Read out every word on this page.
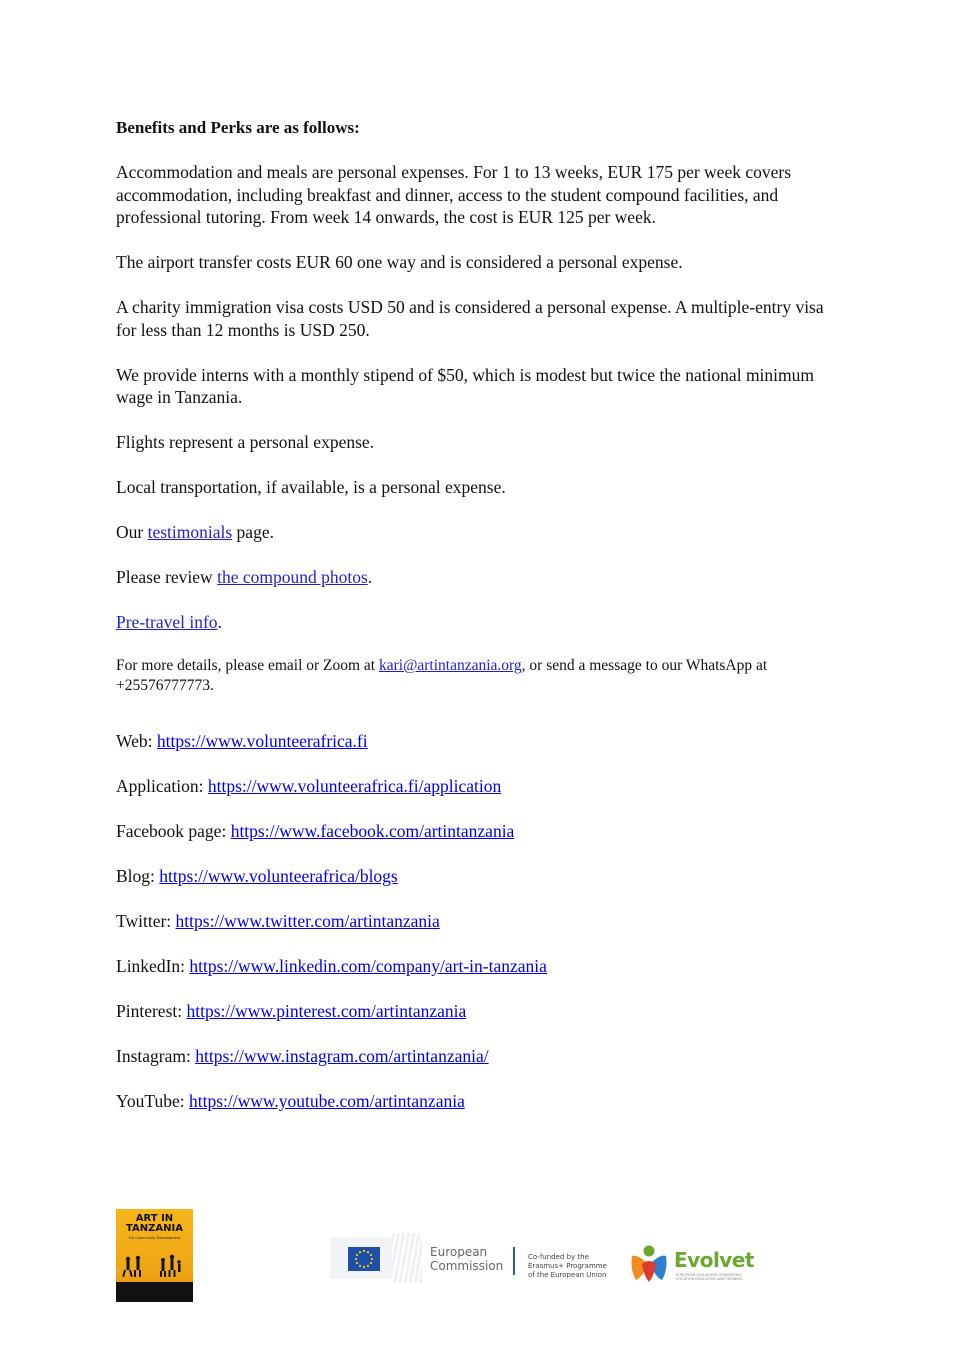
Benefits and Perks are as follows:

Accommodation and meals are personal expenses. For 1 to 13 weeks, EUR 175 per week covers accommodation, including breakfast and dinner, access to the student compound facilities, and professional tutoring. From week 14 onwards, the cost is EUR 125 per week.

The airport transfer costs EUR 60 one way and is considered a personal expense.

A charity immigration visa costs USD 50 and is considered a personal expense. A multiple-entry visa for less than 12 months is USD 250.

We provide interns with a monthly stipend of $50, which is modest but twice the national minimum wage in Tanzania.

Flights represent a personal expense.

Local transportation, if available, is a personal expense.

Our testimonials page.

Please review the compound photos.

Pre-travel info.

For more details, please email or Zoom at kari@artintanzania.org, or send a message to our WhatsApp at +25576777773.

Web: https://www.volunteerafrica.fi

Application: https://www.volunteerafrica.fi/application

Facebook page: https://www.facebook.com/artintanzania

Blog: https://www.volunteerafrica/blogs

Twitter: https://www.twitter.com/artintanzania

LinkedIn: https://www.linkedin.com/company/art-in-tanzania

Pinterest: https://www.pinterest.com/artintanzania

Instagram: https://www.instagram.com/artintanzania/

YouTube: https://www.youtube.com/artintanzania

ART IN
TANZANIA
For Community Development
European
Commission
Co-funded by the
Erasmus+ Programme
of the European Union
Evolvet
EUROPEAN VOLUNTEER GENERATING VOCATION EDUCATION AND TRAINING
